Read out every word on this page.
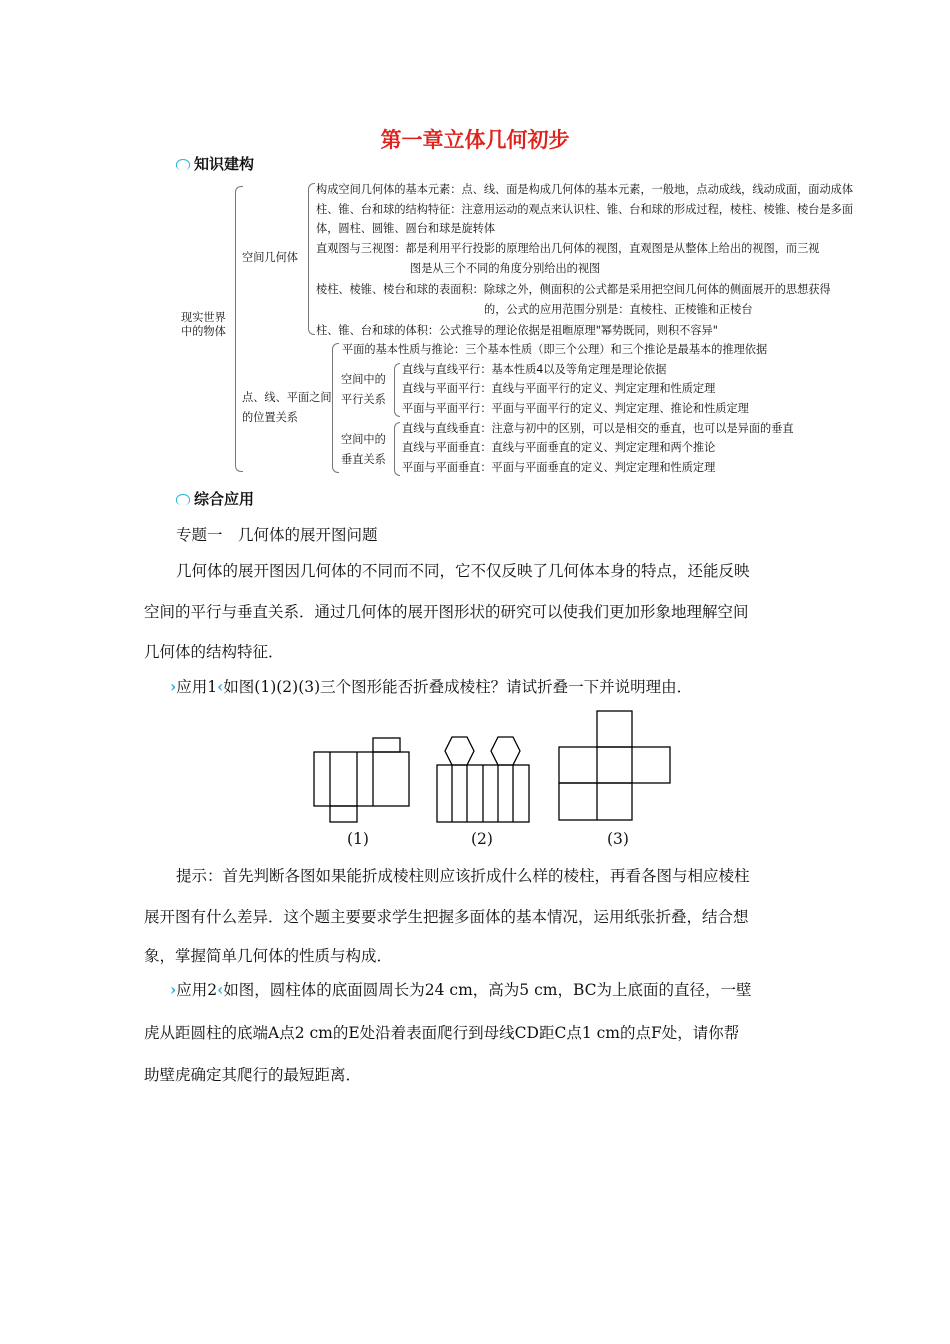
第一章立体几何初步
知识建构
现实世界
中的物体
空间几何体
构成空间几何体的基本元素：点、线、面是构成几何体的基本元素，一般地，点动成线，线动成面，面动成体
柱、锥、台和球的结构特征：注意用运动的观点来认识柱、锥、台和球的形成过程，棱柱、棱锥、棱台是多面
体，圆柱、圆锥、圆台和球是旋转体
直观图与三视图：都是利用平行投影的原理给出几何体的视图，直观图是从整体上给出的视图，而三视
图是从三个不同的角度分别给出的视图
棱柱、棱锥、棱台和球的表面积：除球之外，侧面积的公式都是采用把空间几何体的侧面展开的思想获得
的，公式的应用范围分别是：直棱柱、正棱锥和正棱台
柱、锥、台和球的体积：公式推导的理论依据是祖暅原理"幂势既同，则积不容异"
点、线、平面之间
的位置关系
平面的基本性质与推论：三个基本性质（即三个公理）和三个推论是最基本的推理依据
空间中的
平行关系
直线与直线平行：基本性质4以及等角定理是理论依据
直线与平面平行：直线与平面平行的定义、判定定理和性质定理
平面与平面平行：平面与平面平行的定义、判定定理、推论和性质定理
空间中的
垂直关系
直线与直线垂直：注意与初中的区别，可以是相交的垂直，也可以是异面的垂直
直线与平面垂直：直线与平面垂直的定义、判定定理和两个推论
平面与平面垂直：平面与平面垂直的定义、判定定理和性质定理
综合应用
专题一　几何体的展开图问题
几何体的展开图因几何体的不同而不同，它不仅反映了几何体本身的特点，还能反映
空间的平行与垂直关系．通过几何体的展开图形状的研究可以使我们更加形象地理解空间
几何体的结构特征．
›应用1‹如图(1)(2)(3)三个图形能否折叠成棱柱？请试折叠一下并说明理由．
(1)	(2)	(3)
提示：首先判断各图如果能折成棱柱则应该折成什么样的棱柱，再看各图与相应棱柱
展开图有什么差异．这个题主要要求学生把握多面体的基本情况，运用纸张折叠，结合想
象，掌握简单几何体的性质与构成．
›应用2‹如图，圆柱体的底面圆周长为24 cm，高为5 cm，BC为上底面的直径，一壁
虎从距圆柱的底端A点2 cm的E处沿着表面爬行到母线CD距C点1 cm的点F处，请你帮
助壁虎确定其爬行的最短距离．
